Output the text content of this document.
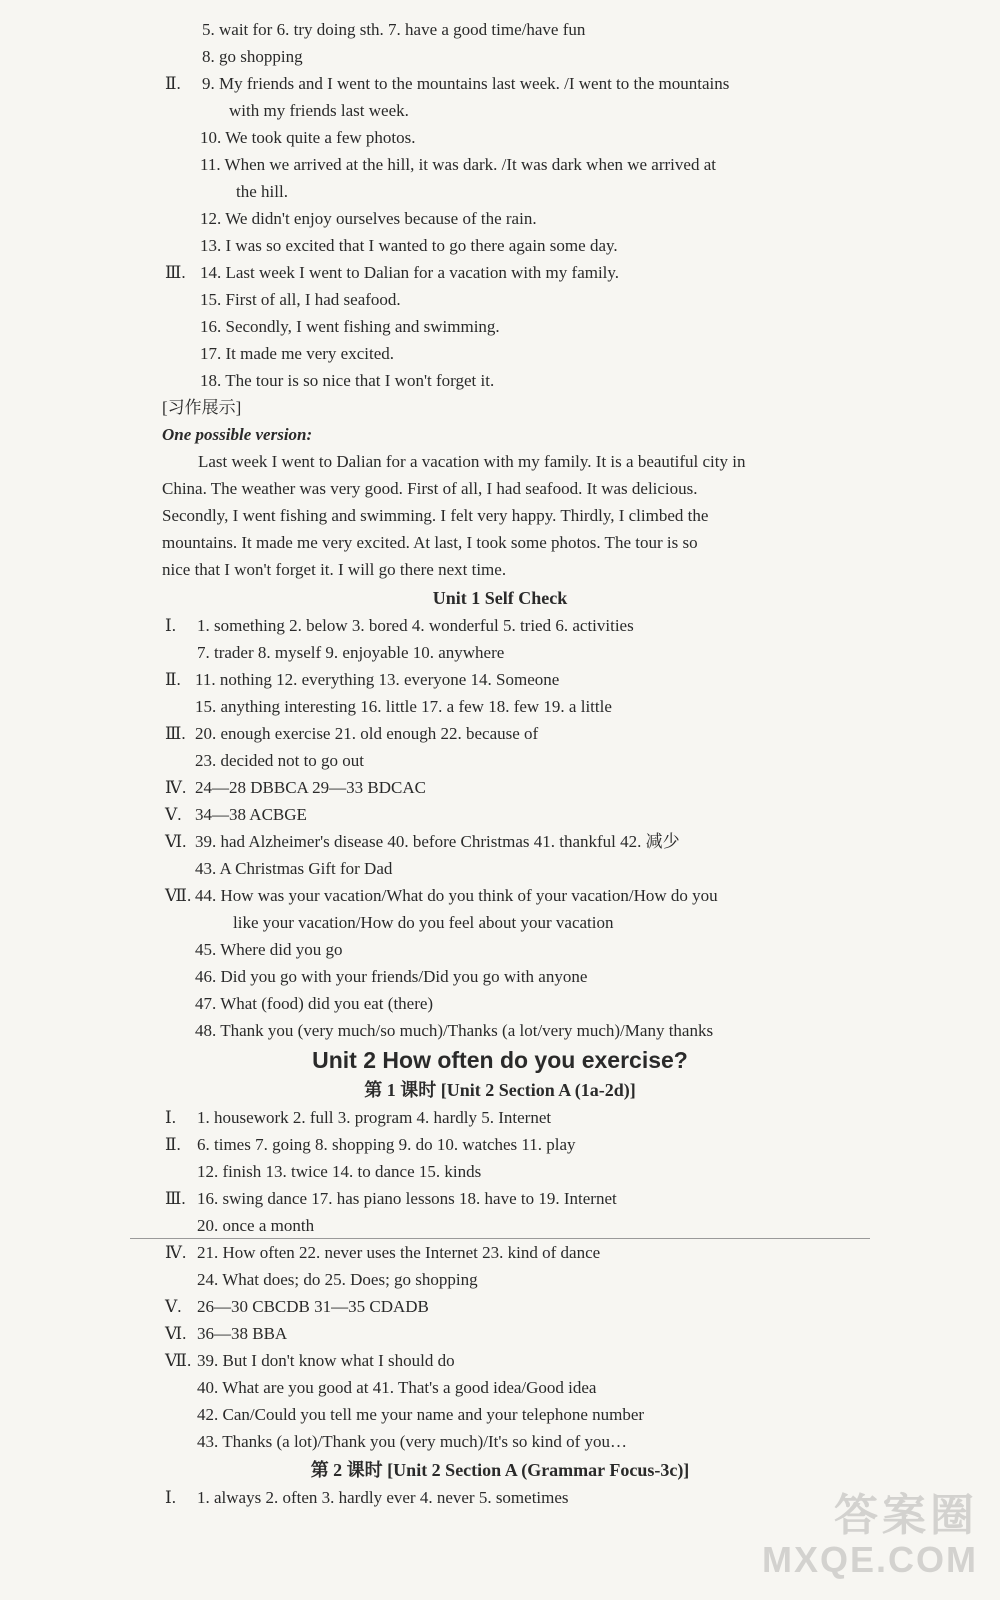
5. wait for 6. try doing sth. 7. have a good time/have fun
8. go shopping
Ⅱ. 9. My friends and I went to the mountains last week. /I went to the mountains
with my friends last week.
10. We took quite a few photos.
11. When we arrived at the hill, it was dark. /It was dark when we arrived at
the hill.
12. We didn't enjoy ourselves because of the rain.
13. I was so excited that I wanted to go there again some day.
Ⅲ. 14. Last week I went to Dalian for a vacation with my family.
15. First of all, I had seafood.
16. Secondly, I went fishing and swimming.
17. It made me very excited.
18. The tour is so nice that I won't forget it.
[习作展示]
One possible version:
Last week I went to Dalian for a vacation with my family. It is a beautiful city in
China. The weather was very good. First of all, I had seafood. It was delicious.
Secondly, I went fishing and swimming. I felt very happy. Thirdly, I climbed the
mountains. It made me very excited. At last, I took some photos. The tour is so
nice that I won't forget it. I will go there next time.
Unit 1 Self Check
Ⅰ. 1. something 2. below 3. bored 4. wonderful 5. tried 6. activities
7. trader 8. myself 9. enjoyable 10. anywhere
Ⅱ. 11. nothing 12. everything 13. everyone 14. Someone
15. anything interesting 16. little 17. a few 18. few 19. a little
Ⅲ. 20. enough exercise 21. old enough 22. because of
23. decided not to go out
Ⅳ. 24—28 DBBCA 29—33 BDCAC
Ⅴ. 34—38 ACBGE
Ⅵ. 39. had Alzheimer's disease 40. before Christmas 41. thankful 42. 减少
43. A Christmas Gift for Dad
Ⅶ. 44. How was your vacation/What do you think of your vacation/How do you
like your vacation/How do you feel about your vacation
45. Where did you go
46. Did you go with your friends/Did you go with anyone
47. What (food) did you eat (there)
48. Thank you (very much/so much)/Thanks (a lot/very much)/Many thanks
Unit 2 How often do you exercise?
第 1 课时 [Unit 2 Section A (1a-2d)]
Ⅰ. 1. housework 2. full 3. program 4. hardly 5. Internet
Ⅱ. 6. times 7. going 8. shopping 9. do 10. watches 11. play
12. finish 13. twice 14. to dance 15. kinds
Ⅲ. 16. swing dance 17. has piano lessons 18. have to 19. Internet
20. once a month
Ⅳ. 21. How often 22. never uses the Internet 23. kind of dance
24. What does; do 25. Does; go shopping
Ⅴ. 26—30 CBCDB 31—35 CDADB
Ⅵ. 36—38 BBA
Ⅶ. 39. But I don't know what I should do
40. What are you good at 41. That's a good idea/Good idea
42. Can/Could you tell me your name and your telephone number
43. Thanks (a lot)/Thank you (very much)/It's so kind of you…
第 2 课时 [Unit 2 Section A (Grammar Focus-3c)]
Ⅰ. 1. always 2. often 3. hardly ever 4. never 5. sometimes	答案圈
MXQE.COM
